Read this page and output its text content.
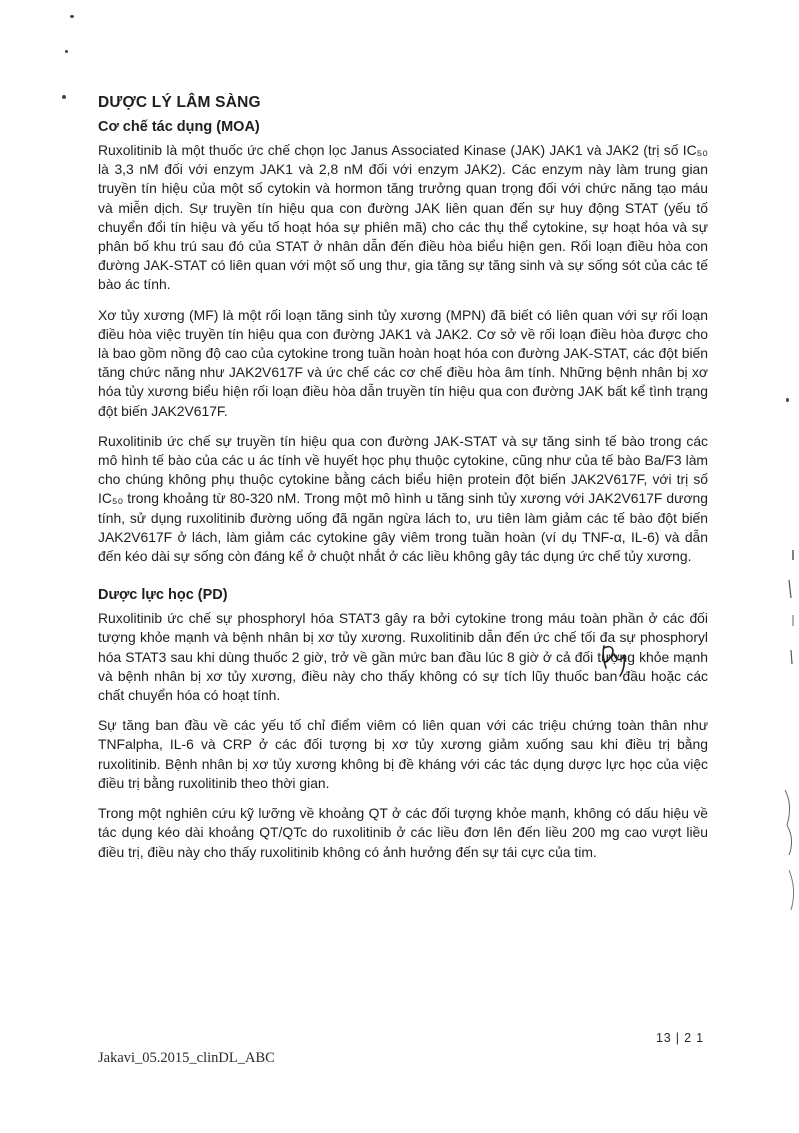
DƯỢC LÝ LÂM SÀNG
Cơ chế tác dụng (MOA)

Ruxolitinib là một thuốc ức chế chọn lọc Janus Associated Kinase (JAK) JAK1 và JAK2 (trị số IC₅₀ là 3,3 nM đối với enzym JAK1 và 2,8 nM đối với enzym JAK2). Các enzym này làm trung gian truyền tín hiệu của một số cytokin và hormon tăng trưởng quan trọng đối với chức năng tạo máu và miễn dịch. Sự truyền tín hiệu qua con đường JAK liên quan đến sự huy động STAT (yếu tố chuyển đổi tín hiệu và yếu tố hoạt hóa sự phiên mã) cho các thụ thể cytokine, sự hoạt hóa và sự phân bố khu trú sau đó của STAT ở nhân dẫn đến điều hòa biểu hiện gen. Rối loạn điều hòa con đường JAK-STAT có liên quan với một số ung thư, gia tăng sự tăng sinh và sự sống sót của các tế bào ác tính.

Xơ tủy xương (MF) là một rối loạn tăng sinh tủy xương (MPN) đã biết có liên quan với sự rối loạn điều hòa việc truyền tín hiệu qua con đường JAK1 và JAK2. Cơ sở về rối loạn điều hòa được cho là bao gồm nồng độ cao của cytokine trong tuần hoàn hoạt hóa con đường JAK-STAT, các đột biến tăng chức năng như JAK2V617F và ức chế các cơ chế điều hòa âm tính. Những bệnh nhân bị xơ hóa tủy xương biểu hiện rối loạn điều hòa dẫn truyền tín hiệu qua con đường JAK bất kể tình trạng đột biến JAK2V617F.

Ruxolitinib ức chế sự truyền tín hiệu qua con đường JAK-STAT và sự tăng sinh tế bào trong các mô hình tế bào của các u ác tính về huyết học phụ thuộc cytokine, cũng như của tế bào Ba/F3 làm cho chúng không phụ thuộc cytokine bằng cách biểu hiện protein đột biến JAK2V617F, với trị số IC₅₀ trong khoảng từ 80-320 nM. Trong một mô hình u tăng sinh tủy xương với JAK2V617F dương tính, sử dụng ruxolitinib đường uống đã ngăn ngừa lách to, ưu tiên làm giảm các tế bào đột biến JAK2V617F ở lách, làm giảm các cytokine gây viêm trong tuần hoàn (ví dụ TNF-α, IL-6) và dẫn đến kéo dài sự sống còn đáng kể ở chuột nhắt ở các liều không gây tác dụng ức chế tủy xương.

Dược lực học (PD)

Ruxolitinib ức chế sự phosphoryl hóa STAT3 gây ra bởi cytokine trong máu toàn phần ở các đối tượng khỏe mạnh và bệnh nhân bị xơ tủy xương. Ruxolitinib dẫn đến ức chế tối đa sự phosphoryl hóa STAT3 sau khi dùng thuốc 2 giờ, trở về gần mức ban đầu lúc 8 giờ ở cả đối tượng khỏe mạnh và bệnh nhân bị xơ tủy xương, điều này cho thấy không có sự tích lũy thuốc ban đầu hoặc các chất chuyển hóa có hoạt tính.

Sự tăng ban đầu về các yếu tố chỉ điểm viêm có liên quan với các triệu chứng toàn thân như TNFalpha, IL-6 và CRP ở các đối tượng bị xơ tủy xương giảm xuống sau khi điều trị bằng ruxolitinib. Bệnh nhân bị xơ tủy xương không bị đề kháng với các tác dụng dược lực học của việc điều trị bằng ruxolitinib theo thời gian.

Trong một nghiên cứu kỹ lưỡng về khoảng QT ở các đối tượng khỏe mạnh, không có dấu hiệu về tác dụng kéo dài khoảng QT/QTc do ruxolitinib ở các liều đơn lên đến liều 200 mg cao vượt liều điều trị, điều này cho thấy ruxolitinib không có ảnh hưởng đến sự tái cực của tim.

13 | 2 1
Jakavi_05.2015_clinDL_ABC
